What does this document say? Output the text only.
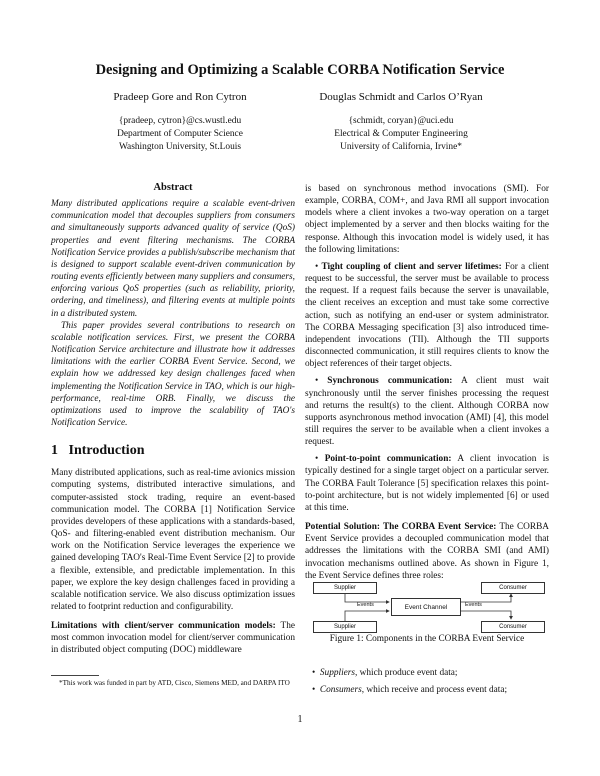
Designing and Optimizing a Scalable CORBA Notification Service
Pradeep Gore and Ron Cytron
{pradeep, cytron}@cs.wustl.edu
Department of Computer Science
Washington University, St.Louis
Douglas Schmidt and Carlos O’Ryan
{schmidt, coryan}@uci.edu
Electrical & Computer Engineering
University of California, Irvine*
Abstract

Many distributed applications require a scalable event-driven communication model that decouples suppliers from consumers and simultaneously supports advanced quality of service (QoS) properties and event filtering mechanisms. The CORBA Notification Service provides a publish/subscribe mechanism that is designed to support scalable event-driven communication by routing events efficiently between many suppliers and consumers, enforcing various QoS properties (such as reliability, priority, ordering, and timeliness), and filtering events at multiple points in a distributed system.

This paper provides several contributions to research on scalable notification services. First, we present the CORBA Notification Service architecture and illustrate how it addresses limitations with the earlier CORBA Event Service. Second, we explain how we addressed key design challenges faced when implementing the Notification Service in TAO, which is our high-performance, real-time ORB. Finally, we discuss the optimizations used to improve the scalability of TAO's Notification Service.

1 Introduction

Many distributed applications, such as real-time avionics mission computing systems, distributed interactive simulations, and computer-assisted stock trading, require an event-based communication model. The CORBA [1] Notification Service provides developers of these applications with a standards-based, QoS- and filtering-enabled event distribution mechanism. Our work on the Notification Service leverages the experience we gained developing TAO's Real-Time Event Service [2] to provide a flexible, extensible, and predictable implementation. In this paper, we explore the key design challenges faced in providing a scalable notification service. We also discuss optimization issues related to footprint reduction and configurability.

Limitations with client/server communication models: The most common invocation model for client/server communication in distributed object computing (DOC) middleware

*This work was funded in part by ATD, Cisco, Siemens MED, and DARPA ITO

is based on synchronous method invocations (SMI). For example, CORBA, COM+, and Java RMI all support invocation models where a client invokes a two-way operation on a target object implemented by a server and then blocks waiting for the response. Although this invocation model is widely used, it has the following limitations:

• Tight coupling of client and server lifetimes: For a client request to be successful, the server must be available to process the request. If a request fails because the server is unavailable, the client receives an exception and must take some corrective action, such as notifying an end-user or system administrator. The CORBA Messaging specification [3] also introduced time-independent invocations (TII). Although the TII supports disconnected communication, it still requires clients to know the object references of their target objects.

• Synchronous communication: A client must wait synchronously until the server finishes processing the request and returns the result(s) to the client. Although CORBA now supports asynchronous method invocation (AMI) [4], this model still requires the server to be available when a client invokes a request.

• Point-to-point communication: A client invocation is typically destined for a single target object on a particular server. The CORBA Fault Tolerance [5] specification relaxes this point-to-point architecture, but is not widely implemented [6] or used at this time.

Potential Solution: The CORBA Event Service: The CORBA Event Service provides a decoupled communication model that addresses the limitations with the CORBA SMI (and AMI) invocation mechanisms outlined above. As shown in Figure 1, the Event Service defines three roles:

Supplier
Supplier
Consumer
Consumer
Event Channel
Events	Events
Figure 1: Components in the CORBA Event Service
•  Suppliers, which produce event data;
•  Consumers, which receive and process event data;
1
